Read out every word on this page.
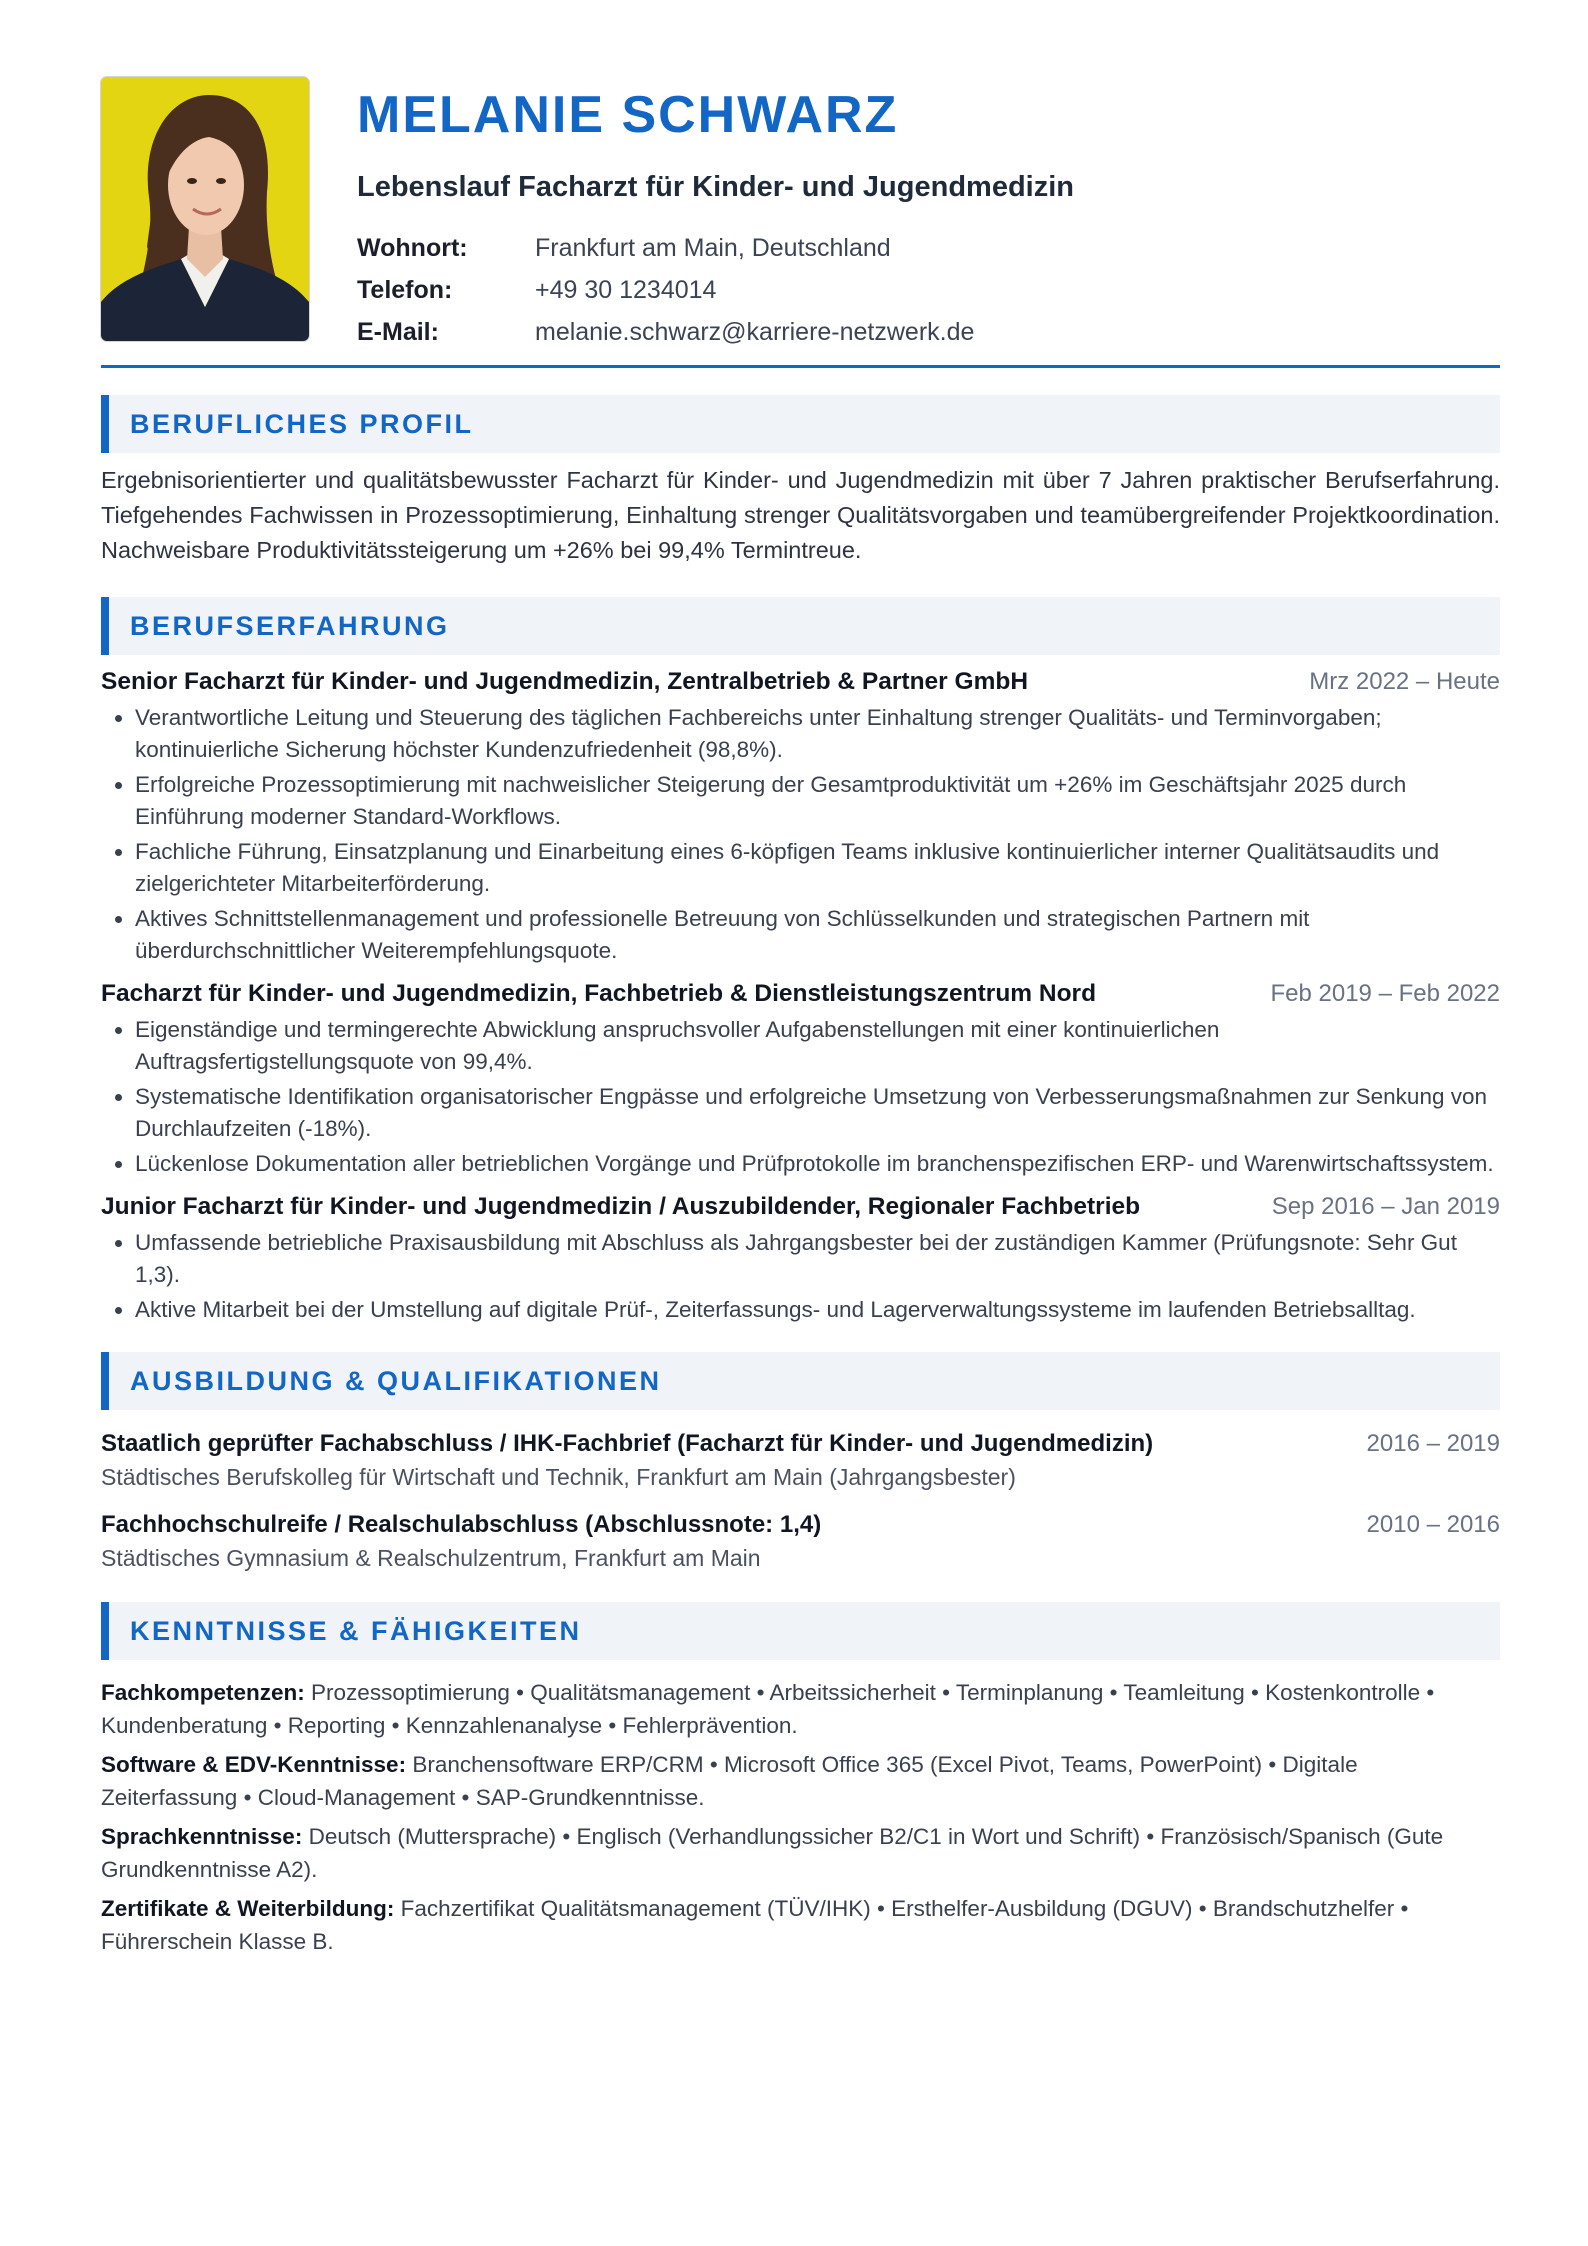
MELANIE SCHWARZ
Lebenslauf Facharzt für Kinder- und Jugendmedizin
Wohnort:	Frankfurt am Main, Deutschland
Telefon:	+49 30 1234014
E-Mail:	melanie.schwarz@karriere-netzwerk.de
BERUFLICHES PROFIL
Ergebnisorientierter und qualitätsbewusster Facharzt für Kinder- und Jugendmedizin mit über 7 Jahren praktischer Berufserfahrung. Tiefgehendes Fachwissen in Prozessoptimierung, Einhaltung strenger Qualitätsvorgaben und teamübergreifender Projektkoordination. Nachweisbare Produktivitätssteigerung um +26% bei 99,4% Termintreue.
BERUFSERFAHRUNG
Senior Facharzt für Kinder- und Jugendmedizin, Zentralbetrieb & Partner GmbH	Mrz 2022 – Heute
• Verantwortliche Leitung und Steuerung des täglichen Fachbereichs unter Einhaltung strenger Qualitäts- und Terminvorgaben; kontinuierliche Sicherung höchster Kundenzufriedenheit (98,8%).
• Erfolgreiche Prozessoptimierung mit nachweislicher Steigerung der Gesamtproduktivität um +26% im Geschäftsjahr 2025 durch Einführung moderner Standard-Workflows.
• Fachliche Führung, Einsatzplanung und Einarbeitung eines 6-köpfigen Teams inklusive kontinuierlicher interner Qualitätsaudits und zielgerichteter Mitarbeiterförderung.
• Aktives Schnittstellenmanagement und professionelle Betreuung von Schlüsselkunden und strategischen Partnern mit überdurchschnittlicher Weiterempfehlungsquote.
Facharzt für Kinder- und Jugendmedizin, Fachbetrieb & Dienstleistungszentrum Nord	Feb 2019 – Feb 2022
• Eigenständige und termingerechte Abwicklung anspruchsvoller Aufgabenstellungen mit einer kontinuierlichen Auftragsfertigstellungsquote von 99,4%.
• Systematische Identifikation organisatorischer Engpässe und erfolgreiche Umsetzung von Verbesserungsmaßnahmen zur Senkung von Durchlaufzeiten (-18%).
• Lückenlose Dokumentation aller betrieblichen Vorgänge und Prüfprotokolle im branchenspezifischen ERP- und Warenwirtschaftssystem.
Junior Facharzt für Kinder- und Jugendmedizin / Auszubildender, Regionaler Fachbetrieb	Sep 2016 – Jan 2019
• Umfassende betriebliche Praxisausbildung mit Abschluss als Jahrgangsbester bei der zuständigen Kammer (Prüfungsnote: Sehr Gut 1,3).
• Aktive Mitarbeit bei der Umstellung auf digitale Prüf-, Zeiterfassungs- und Lagerverwaltungssysteme im laufenden Betriebsalltag.
AUSBILDUNG & QUALIFIKATIONEN
Staatlich geprüfter Fachabschluss / IHK-Fachbrief (Facharzt für Kinder- und Jugendmedizin)	2016 – 2019
Städtisches Berufskolleg für Wirtschaft und Technik, Frankfurt am Main (Jahrgangsbester)
Fachhochschulreife / Realschulabschluss (Abschlussnote: 1,4)	2010 – 2016
Städtisches Gymnasium & Realschulzentrum, Frankfurt am Main
KENNTNISSE & FÄHIGKEITEN
Fachkompetenzen: Prozessoptimierung • Qualitätsmanagement • Arbeitssicherheit • Terminplanung • Teamleitung • Kostenkontrolle • Kundenberatung • Reporting • Kennzahlenanalyse • Fehlerprävention.
Software & EDV-Kenntnisse: Branchensoftware ERP/CRM • Microsoft Office 365 (Excel Pivot, Teams, PowerPoint) • Digitale Zeiterfassung • Cloud-Management • SAP-Grundkenntnisse.
Sprachkenntnisse: Deutsch (Muttersprache) • Englisch (Verhandlungssicher B2/C1 in Wort und Schrift) • Französisch/Spanisch (Gute Grundkenntnisse A2).
Zertifikate & Weiterbildung: Fachzertifikat Qualitätsmanagement (TÜV/IHK) • Ersthelfer-Ausbildung (DGUV) • Brandschutzhelfer • Führerschein Klasse B.
